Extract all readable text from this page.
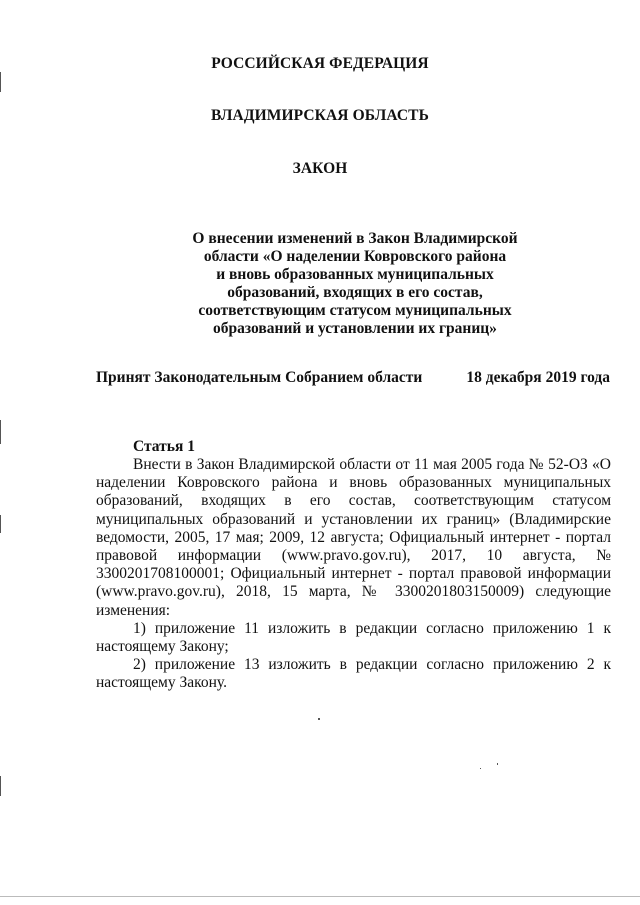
РОССИЙСКАЯ ФЕДЕРАЦИЯ
ВЛАДИМИРСКАЯ ОБЛАСТЬ
ЗАКОН
О внесении изменений в Закон Владимирской
области «О наделении Ковровского района
и вновь образованных муниципальных
образований, входящих в его состав,
соответствующим статусом муниципальных
образований и установлении их границ»
Принят Законодательным Собранием области	18 декабря 2019 года
Статья 1

Внести в Закон Владимирской области от 11 мая 2005 года № 52-ОЗ «О наделении Ковровского района и вновь образованных муниципальных образований, входящих в его состав, соответствующим статусом муниципальных образований и установлении их границ» (Владимирские ведомости, 2005, 17 мая; 2009, 12 августа; Официальный интернет - портал правовой информации (www.pravo.gov.ru), 2017, 10 августа, № 3300201708100001; Официальный интернет - портал правовой информации (www.pravo.gov.ru), 2018, 15 марта, № 3300201803150009) следующие изменения:

1) приложение 11 изложить в редакции согласно приложению 1 к настоящему Закону;

2) приложение 13 изложить в редакции согласно приложению 2 к настоящему Закону.
